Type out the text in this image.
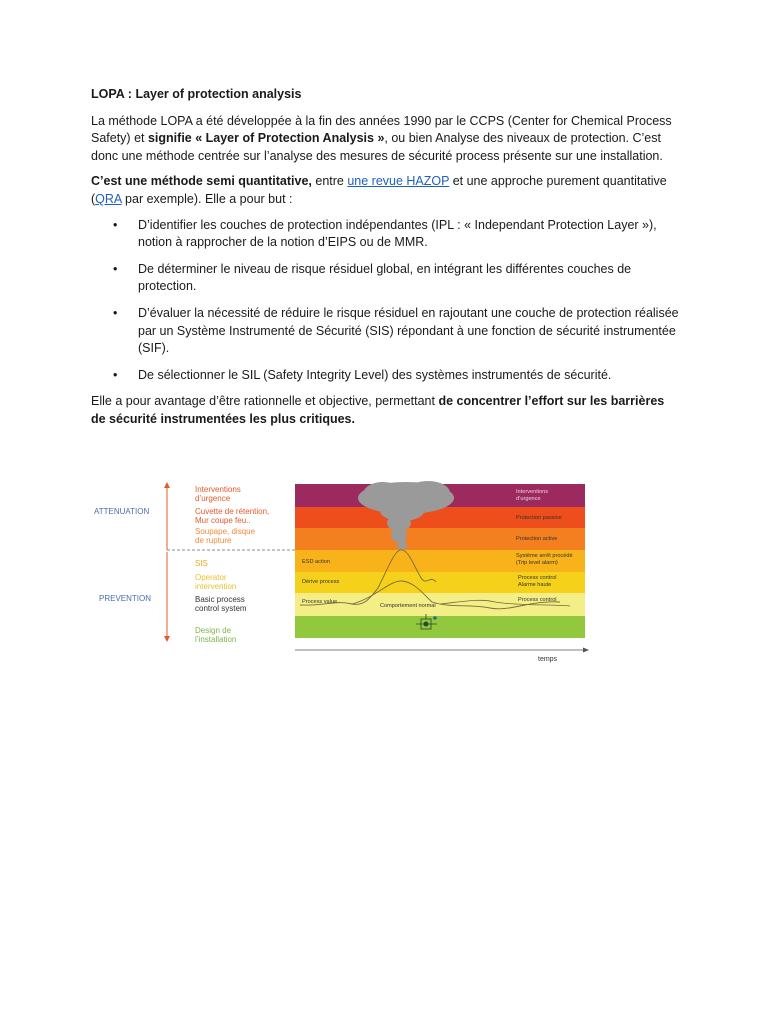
LOPA : Layer of protection analysis

La méthode LOPA a été développée à la fin des années 1990 par le CCPS (Center for Chemical Process Safety) et signifie « Layer of Protection Analysis », ou bien Analyse des niveaux de protection. C’est donc une méthode centrée sur l’analyse des mesures de sécurité process présente sur une installation.

C’est une méthode semi quantitative, entre une revue HAZOP et une approche purement quantitative (QRA par exemple). Elle a pour but :

• D’identifier les couches de protection indépendantes (IPL : « Independant Protection Layer »), notion à rapprocher de la notion d’EIPS ou de MMR.
• De déterminer le niveau de risque résiduel global, en intégrant les différentes couches de protection.
• D’évaluer la nécessité de réduire le risque résiduel en rajoutant une couche de protection réalisée par un Système Instrumenté de Sécurité (SIS) répondant à une fonction de sécurité instrumentée (SIF).
• De sélectionner le SIL (Safety Integrity Level) des systèmes instrumentés de sécurité.

Elle a pour avantage d’être rationnelle et objective, permettant de concentrer l’effort sur les barrières de sécurité instrumentées les plus critiques.

ATTENUATION
PREVENTION
Interventions
d’urgence
Cuvette de rétention,
Mur coupe feu..
Soupape, disque
de rupture
SIS
Operator
intervention
Basic process
control system
Design de
l’installation
Interventions
d’urgence
Protection passive
Protection active
Système arrêt procédé
(Trip level alarm)
Process control
Alarme haute
Process control
ESD action
Dérive process
Process value
Comportement normal
temps
